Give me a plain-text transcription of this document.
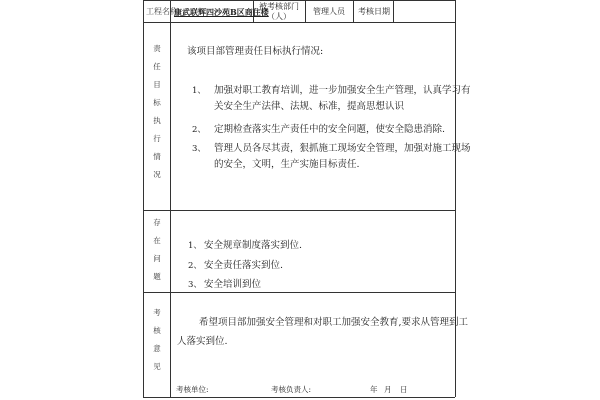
工程名称
康武联辉四沙苑B区商住楼
被考核部门
（人）
管理人员 考核日期
责
任
目
标
执
行
情
况
该项目部管理责任目标执行情况:
1、 加强对职工教育培训，进一步加强安全生产管理，认真学习有
关安全生产法律、法规、标准，提高思想认识
2、 定期检查落实生产责任中的安全问题，使安全隐患消除.
3、 管理人员各尽其责，狠抓施工现场安全管理，加强对施工现场
的安全，文明，生产实施目标责任.
存
在
问
题
1、 安全规章制度落实到位.
2、 安全责任落实到位.
3、 安全培训到位
考
核
意
见
希望项目部加强安全管理和对职工加强安全教育,要求从管理到工
人落实到位.
考核单位:	考核负责人:	年 月 日
